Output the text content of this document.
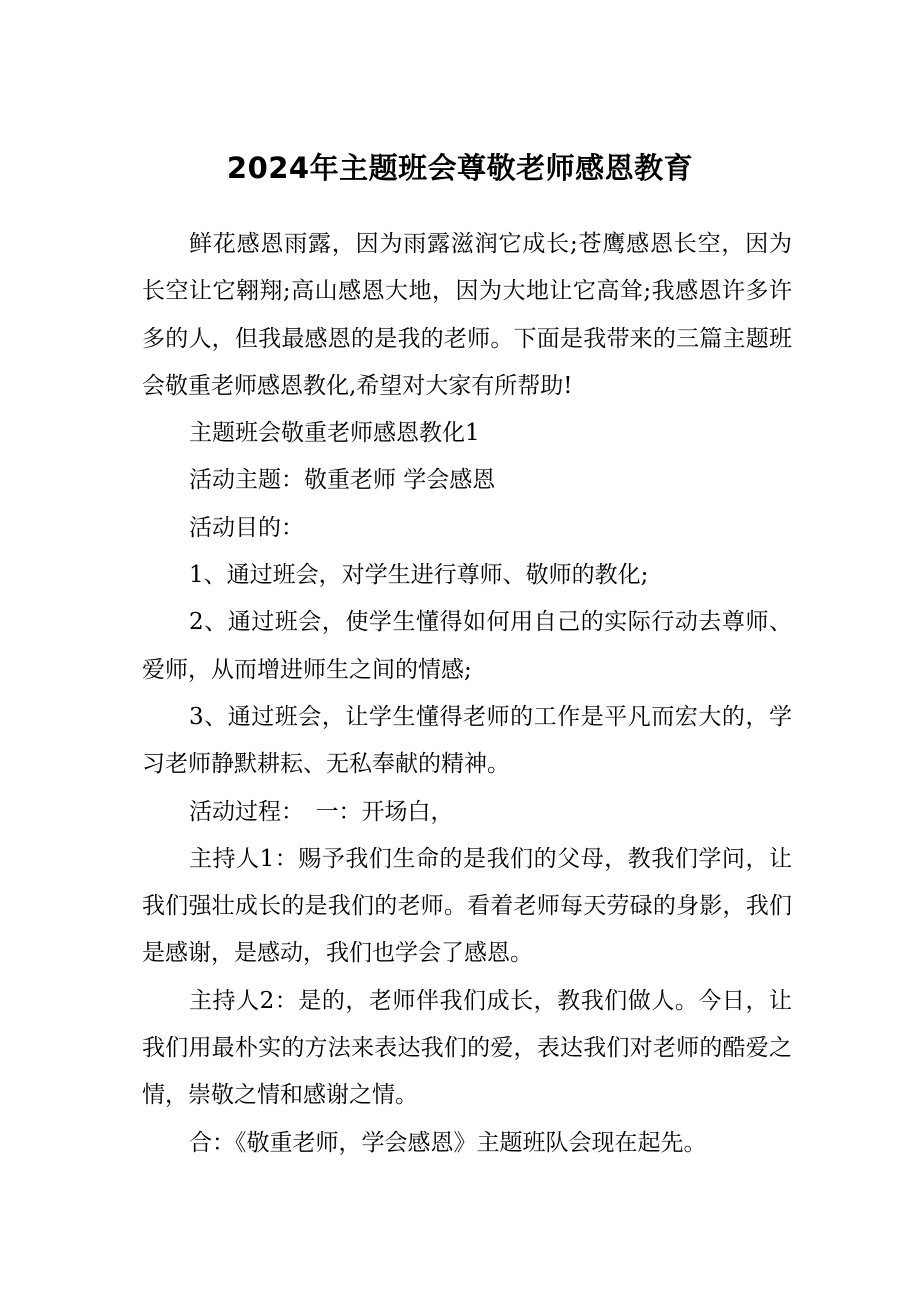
2024年主题班会尊敬老师感恩教育

鲜花感恩雨露，因为雨露滋润它成长;苍鹰感恩长空，因为长空让它翱翔;高山感恩大地，因为大地让它高耸;我感恩许多许多的人，但我最感恩的是我的老师。下面是我带来的三篇主题班会敬重老师感恩教化,希望对大家有所帮助!

主题班会敬重老师感恩教化1

活动主题：敬重老师 学会感恩

活动目的：

1、通过班会，对学生进行尊师、敬师的教化;

2、通过班会，使学生懂得如何用自己的实际行动去尊师、爱师，从而增进师生之间的情感;

3、通过班会，让学生懂得老师的工作是平凡而宏大的，学习老师静默耕耘、无私奉献的精神。

活动过程：　一：开场白，

主持人1：赐予我们生命的是我们的父母，教我们学问，让我们强壮成长的是我们的老师。看着老师每天劳碌的身影，我们是感谢，是感动，我们也学会了感恩。

主持人2：是的，老师伴我们成长，教我们做人。今日，让我们用最朴实的方法来表达我们的爱，表达我们对老师的酷爱之情，崇敬之情和感谢之情。

合：《敬重老师，学会感恩》主题班队会现在起先。
